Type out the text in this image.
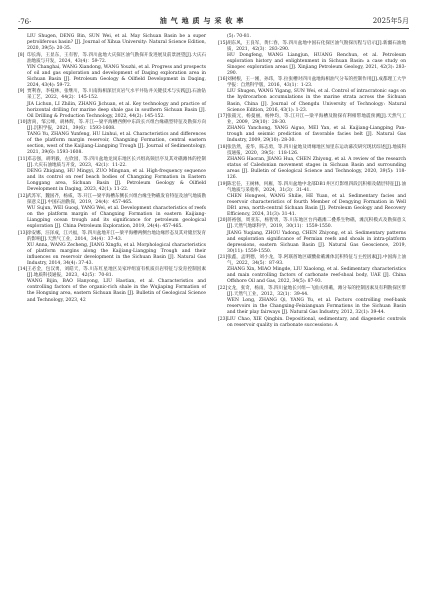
·76·	油 气 地 质 与 采 收 率	2025年5月
LIU Shugen, DENG Bin, SUN Wei, et al. May Sichuan Basin be a super petroliferous basin? [J]. Journal of Xihua University: Natural Science Edition, 2020, 39(5): 20-35.
[8] 印长海，王显东，王有智，等.四川盆地大庆探区油气勘探开发进展及前景展望[J].大庆石油地质与开发，2024，43(4)：59-72.
YIN Changhai, WANG Xiandong, WANG Youzhi, et al. Progress and prospects of oil and gas exploration and development of Daqing exploration area in Sichuan Basin [J]. Petroleum Geology & Oilfield Development in Daqing, 2024, 43(4): 59-72.
[9] 贾利春，李枝林，张继川，等.川南海相深层页岩气水平井钻井关键技术与实践[J].石油钻采工艺，2022，44(2)：145-152.
JIA Lichun, LI Zhilin, ZHANG Jichuan, et al. Key technology and practice of horizontal drilling for marine deep shale gas in southern Sichuan Basin [J]. Oil Drilling & Production Technology, 2022, 44(2): 145-152.
[10]唐尚，邹云峰，胡林辉，等.开江—梁平海槽西侧中东段长兴组台缘礁型特征及勘探方向[J].沉积学报，2021，39(6)：1593-1608.
TANG Yu, ZHANG Yunfeng, HU Linhui, et al. Characteristics and differences of the platform margin reservoir, Changxing Formation, central eastern section, west of the Kaijiang-Liangping Trough [J]. Journal of Sedimentology, 2021, 39(6): 1593-1608.
[11]邓志强，胡明毅，左欣园，等.四川盆地龙岗东地区长兴组高频层序及其对礁滩体的控制[J].大庆石油地质与开发，2023，42(1)：11-22.
DENG Zhiqiang, HU Mingyi, ZUO Mingnan, et al. High-frequency sequence and its control on reef beach bodies of Changxing Formation in Eastern Longgang area, Sichuan Basin [J]. Petroleum Geology & Oilfield Development in Daqing, 2023, 42(1): 11-22.
[12]武苏军，魏国齐，杨威，等.开江—梁平海槽东侧长兴组台缘生物礁发育特征及油气地质勘探意义[J].中国石油勘探，2019，24(4)：457-465.
WU Sujun, WEI Guoqi, YANG Wei, et al. Development characteristics of reefs on the platform margin of Changxing Formation in eastern Kaijiang-Liangping ocean trough and its significance for petroleum geological exploration [J]. China Petroleum Exploration, 2019, 24(4): 457-465.
[13]徐安娜，汪泽成，江兴福，等.四川盆地开江—梁平海槽两侧台地边缘形态及其对储层发育的影响[J].天然气工业，2014，34(4)：37-43.
XU Anna, WANG Zecheng, JIANG Xingfu, et al. Morphological characteristics of platform margins along the Kaijiang-Liangping Trough and their influences on reservoir development in the Sichuan Basin [J]. Natural Gas Industry, 2014, 34(4): 37-43.
[14]王必金，包汉勇，刘皓天，等.川东红星地区吴家坪组富有机质页岩特征与发育控制因素[J].地质科技通报，2023，42(5)：70-81.
WANG Bijin, BAO Hanyong, LIU Haotian, et al. Characteristics and controlling factors of the organic-rich shale in the Wujiaping Formation of the Hongxing area, eastern Sichuan Basin [J]. Bulletin of Geological Science and Technology, 2023, 42
(5): 70-81.
[15]胡东风，王良军，黄仁春，等.四川盆地中国石化探区油气勘探历程与启示[J].新疆石油地质，2021，42(3)：283-290.
HU Dongfeng, WANG Liangjun, HUANG Renchun, et al. Petroleum exploration history and enlightenment in Sichuan Basin: a case study on Sinopec exploration areas [J]. Xinjiang Petroleum Geology, 2021, 42(3): 283-290.
[16]刘树根，王一刚，孙玮，等.拉张槽对四川盆地海相油气分布的控制作用[J].成都理工大学学报：自然科学版，2016，43(1)：1-23.
LIU Shugen, WANG Yigang, SUN Wei, et al. Control of intracratonic sags on the hydrocarbon accumulations in the marine strata across the Sichuan Basin, China [J]. Journal of Chengdu University of Technology: Natural Science Edition, 2016, 43(1): 1-23.
[17]张筱元，杨曼丽，杨仲均，等.江开江—梁平海槽及勘探有利相带地震预测[J].天然气工业，2009，29(10)：28-30.
ZHANG Yanchong, YANG Aiguo, MEI Yan, et al. Kaijiang-Liangping Pan-trough and seismic prediction of favorable facies belt [J]. Natural Gas Industry, 2009, 29(10): 28-30.
[18]张浩然，姜华，陈志勇，等.四川盆地及周缘地区加里东运动幕次研究现状综述[J].地质科技通报，2020，39(5)：118-126.
ZHANG Haoran, JIANG Hua, CHEN Zhiyong, et al. A review of the research status of Caledonian movement stages in Sichuan Basin and surrounding areas [J]. Bulletin of Geological Science and Technology, 2020, 39(5): 118-126.
[19]陈宏任，王树林，何雁，等.四川盆地中北部DB1井区灯影组四段沉积相及储层特征[J].油气地质与采收率，2024，31(3)：31-41.
CHEN Hongwei, WANG Shilie, HE Yuan, et al. Sedimentary facies and reservoir characteristics of fourth Member of Dengying Formation in Well DB1 area, north-central Sichuan Basin [J]. Petroleum Geology and Recovery Efficiency, 2024, 31(3): 31-41.
[20]蒋裕强，周亚东，杨智勇，等.川东地区台内礁滩二叠系生物礁，滩沉积模式及勘探意义[J].天然气地球科学，2019，30(11)：1559-1550.
JIANG Yuqiang, ZHOU Yadong, CHEN Zhiyong, et al. Sedimentary patterns and exploration significance of Permian reefs and shoals in intra-platform depressions, eastern Sichuan Basin [J]. Natural Gas Geoscience, 2019, 30(11): 1559-1550.
[21]张鑫，孟明德，刘小龙，等.阿联酋地区碳酸盐礁滩体沉积特征与主控因素[J].中国海上油气，2022，34(5)：87-93.
ZHANG Xin, MIAO Mingde, LIU Xiaolong, et al. Sedimentary characteristics and main controlling factors of carbonate reef-shoal body, UAE [J]. China Offshore Oil and Gas, 2022, 34(5): 87-93.
[22]文龙，张奇，杨雨，等.四川盆地长兴组—飞仙关组礁，滩分布的控制因素及有利勘探区带[J].天然气工业，2012，32(1)：39-44.
WEN Long, ZHANG Qi, YANG Yu, et al. Factors controlling reef-bank reservoirs in the Changxing-Feixianguan Formations in the Sichuan Basin and their play fairways [J]. Natural Gas Industry, 2012, 32(1): 39-44.
[23]LIU Chao, XIE Qingbin. Depositional, sedimentary, and diagenetic controls on reservoir quality in carbonate successions: A
